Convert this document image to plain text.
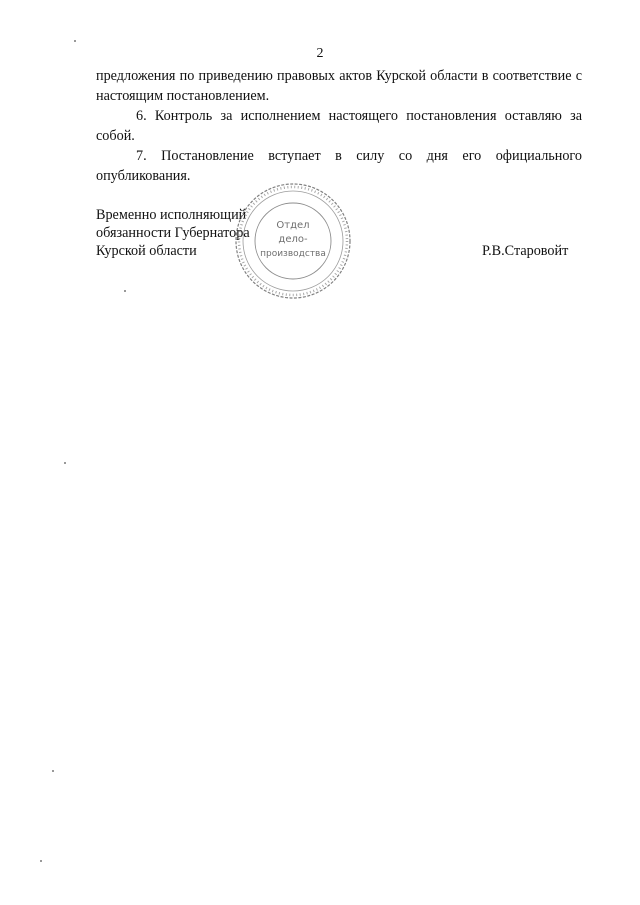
2

предложения по приведению правовых актов Курской области в соответствие с настоящим постановлением.

6. Контроль за исполнением настоящего постановления оставляю за собой.

7. Постановление вступает в силу со дня его официального опубликования.

Временно исполняющий
обязанности Губернатора
Курской области	Р.В.Старовойт
Отдел
дело-
производства
